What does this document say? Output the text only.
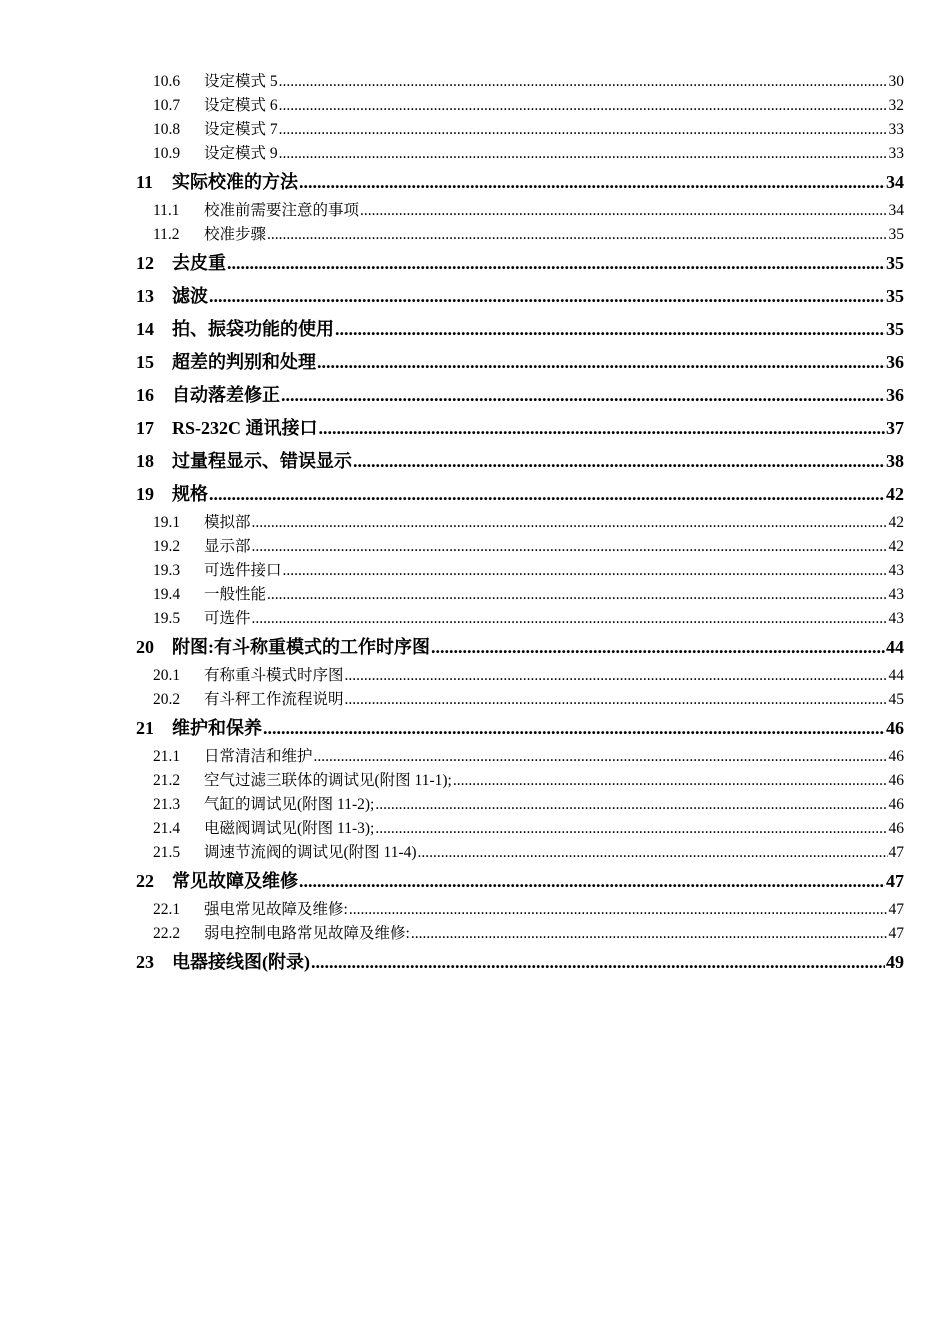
10.6	设定模式 5 .....	30
10.7	设定模式 6 .....	32
10.8	设定模式 7 .....	33
10.9	设定模式 9 .....	33
11	实际校准的方法 .....	34
11.1	校准前需要注意的事项 .....	34
11.2	校准步骤 .....	35
12	去皮重 .....	35
13	滤波 .....	35
14	拍、振袋功能的使用 .....	35
15	超差的判别和处理 .....	36
16	自动落差修正 .....	36
17	RS-232C 通讯接口 .....	37
18	过量程显示、错误显示 .....	38
19	规格 .....	42
19.1	模拟部 .....	42
19.2	显示部 .....	42
19.3	可选件接口 .....	43
19.4	一般性能 .....	43
19.5	可选件 .....	43
20	附图:有斗称重模式的工作时序图 .....	44
20.1	有称重斗模式时序图 .....	44
20.2	有斗秤工作流程说明 .....	45
21	维护和保养 .....	46
21.1	日常清洁和维护 .....	46
21.2	空气过滤三联体的调试见(附图 11-1); .....	46
21.3	气缸的调试见(附图 11-2); .....	46
21.4	电磁阀调试见(附图 11-3); .....	46
21.5	调速节流阀的调试见(附图 11-4) .....	47
22	常见故障及维修 .....	47
22.1	强电常见故障及维修: .....	47
22.2	弱电控制电路常见故障及维修: .....	47
23	电器接线图(附录) .....	49
